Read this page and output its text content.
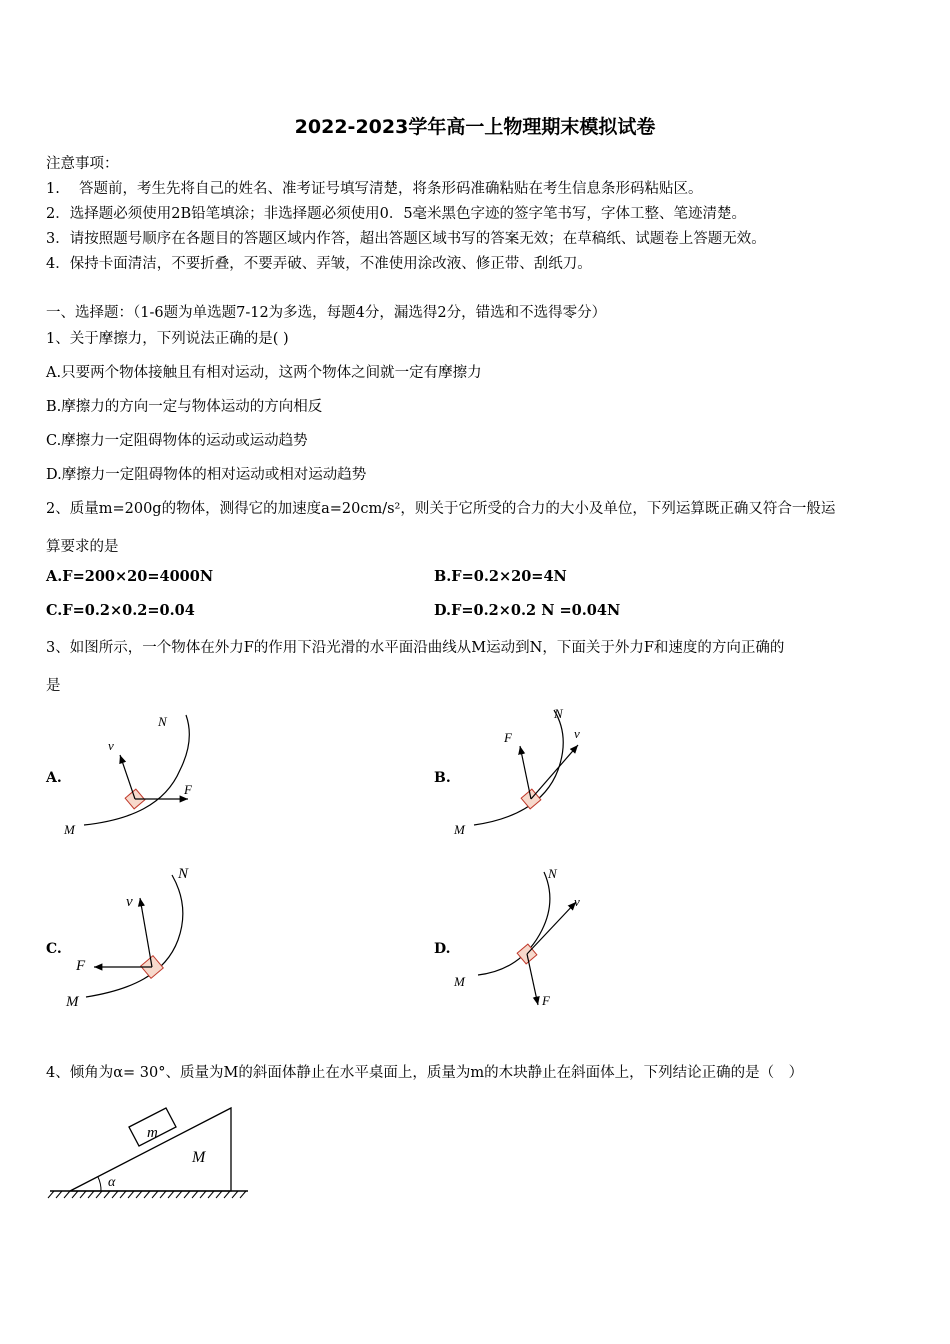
2022-2023学年高一上物理期末模拟试卷
注意事项：
1.　 答题前，考生先将自己的姓名、准考证号填写清楚，将条形码准确粘贴在考生信息条形码粘贴区。
2．选择题必须使用2B铅笔填涂；非选择题必须使用0．5毫米黑色字迹的签字笔书写，字体工整、笔迹清楚。
3．请按照题号顺序在各题目的答题区域内作答，超出答题区域书写的答案无效；在草稿纸、试题卷上答题无效。
4．保持卡面清洁，不要折叠，不要弄破、弄皱，不准使用涂改液、修正带、刮纸刀。
一、选择题：（1-6题为单选题7-12为多选，每题4分，漏选得2分，错选和不选得零分）
1、关于摩擦力，下列说法正确的是( )
A.只要两个物体接触且有相对运动，这两个物体之间就一定有摩擦力
B.摩擦力的方向一定与物体运动的方向相反
C.摩擦力一定阻碍物体的运动或运动趋势
D.摩擦力一定阻碍物体的相对运动或相对运动趋势
2、质量m=200g的物体，测得它的加速度a=20cm/s²，则关于它所受的合力的大小及单位，下列运算既正确又符合一般运
算要求的是
A.F=200×20=4000N	B.F=0.2×20=4N
C.F=0.2×0.2=0.04	D.F=0.2×0.2 N =0.04N
3、如图所示，一个物体在外力F的作用下沿光滑的水平面沿曲线从M运动到N，下面关于外力F和速度的方向正确的
是
A.	B.
C.	D.
N
v
F
M
N
F	v
M
N
v
F
M
N
v
F
M
4、倾角为α= 30°、质量为M的斜面体静止在水平桌面上，质量为m的木块静止在斜面体上，下列结论正确的是（　）
m
M
α
